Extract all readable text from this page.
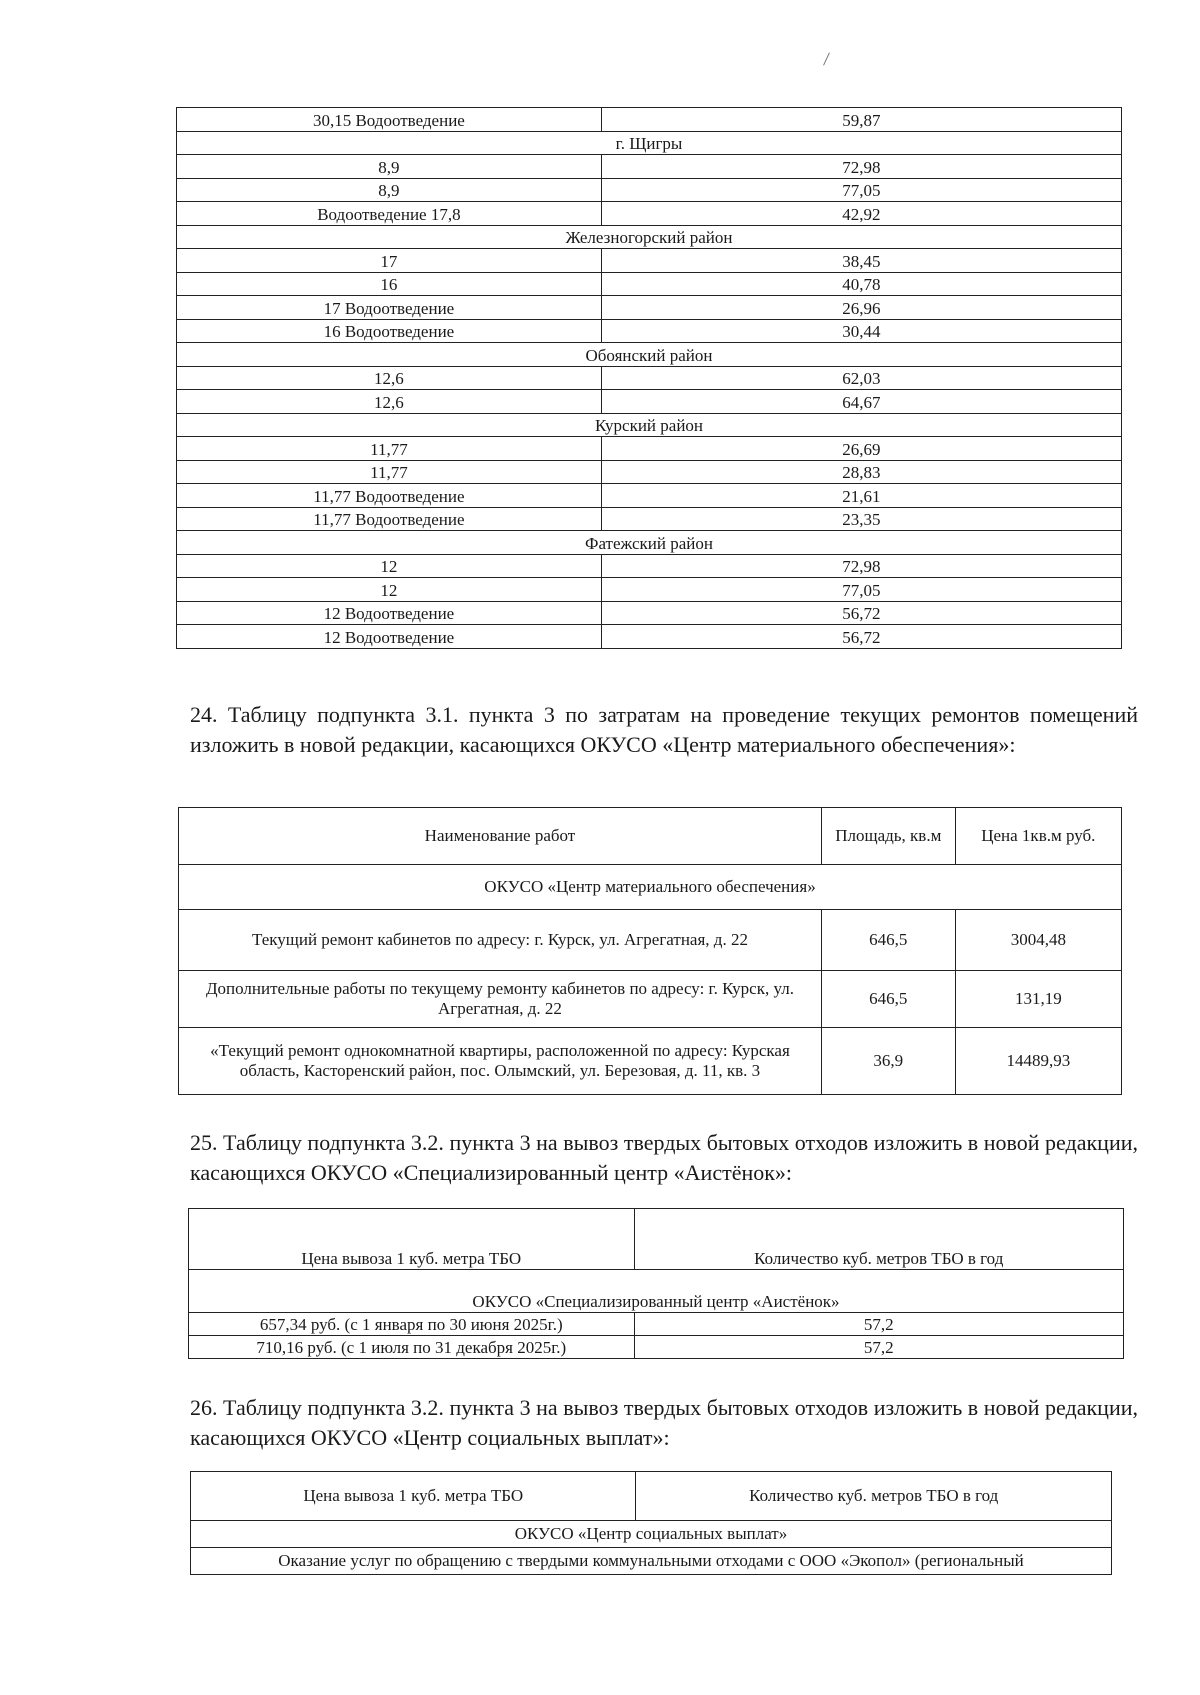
30,15 Водоотведение	59,87
г. Щигры	
8,9	72,98
8,9	77,05
Водоотведение 17,8	42,92
Железногорский район	
17	38,45
16	40,78
17 Водоотведение	26,96
16 Водоотведение	30,44
Обоянский район	
12,6	62,03
12,6	64,67
Курский район	
11,77	26,69
11,77	28,83
11,77 Водоотведение	21,61
11,77 Водоотведение	23,35
Фатежский район	
12	72,98
12	77,05
12 Водоотведение	56,72
12 Водоотведение	56,72

24. Таблицу подпункта 3.1. пункта 3 по затратам на проведение текущих ремонтов помещений изложить в новой редакции, касающихся ОКУСО «Центр материального обеспечения»:

Наименование работ	Площадь, кв.м	Цена 1кв.м руб.
ОКУСО «Центр материального обеспечения»		
Текущий ремонт кабинетов по адресу: г. Курск, ул. Агрегатная, д. 22	646,5	3004,48
Дополнительные работы по текущему ремонту кабинетов по адресу: г. Курск, ул. Агрегатная, д. 22	646,5	131,19
«Текущий ремонт однокомнатной квартиры, расположенной по адресу: Курская область, Касторенский район, пос. Олымский, ул. Березовая, д. 11, кв. 3	36,9	14489,93

25. Таблицу подпункта 3.2. пункта 3 на вывоз твердых бытовых отходов изложить в новой редакции, касающихся ОКУСО «Специализированный центр «Аистёнок»:

Цена вывоза 1 куб. метра ТБО	Количество куб. метров ТБО в год
ОКУСО «Специализированный центр «Аистёнок»	
657,34 руб. (с 1 января по 30 июня 2025г.)	57,2
710,16 руб. (с 1 июля по 31 декабря 2025г.)	57,2

26. Таблицу подпункта 3.2. пункта 3 на вывоз твердых бытовых отходов изложить в новой редакции, касающихся ОКУСО «Центр социальных выплат»:

Цена вывоза 1 куб. метра ТБО	Количество куб. метров ТБО в год
ОКУСО «Центр социальных выплат»
Оказание услуг по обращению с твердыми коммунальными отходами с ООО «Экопол» (региональный
